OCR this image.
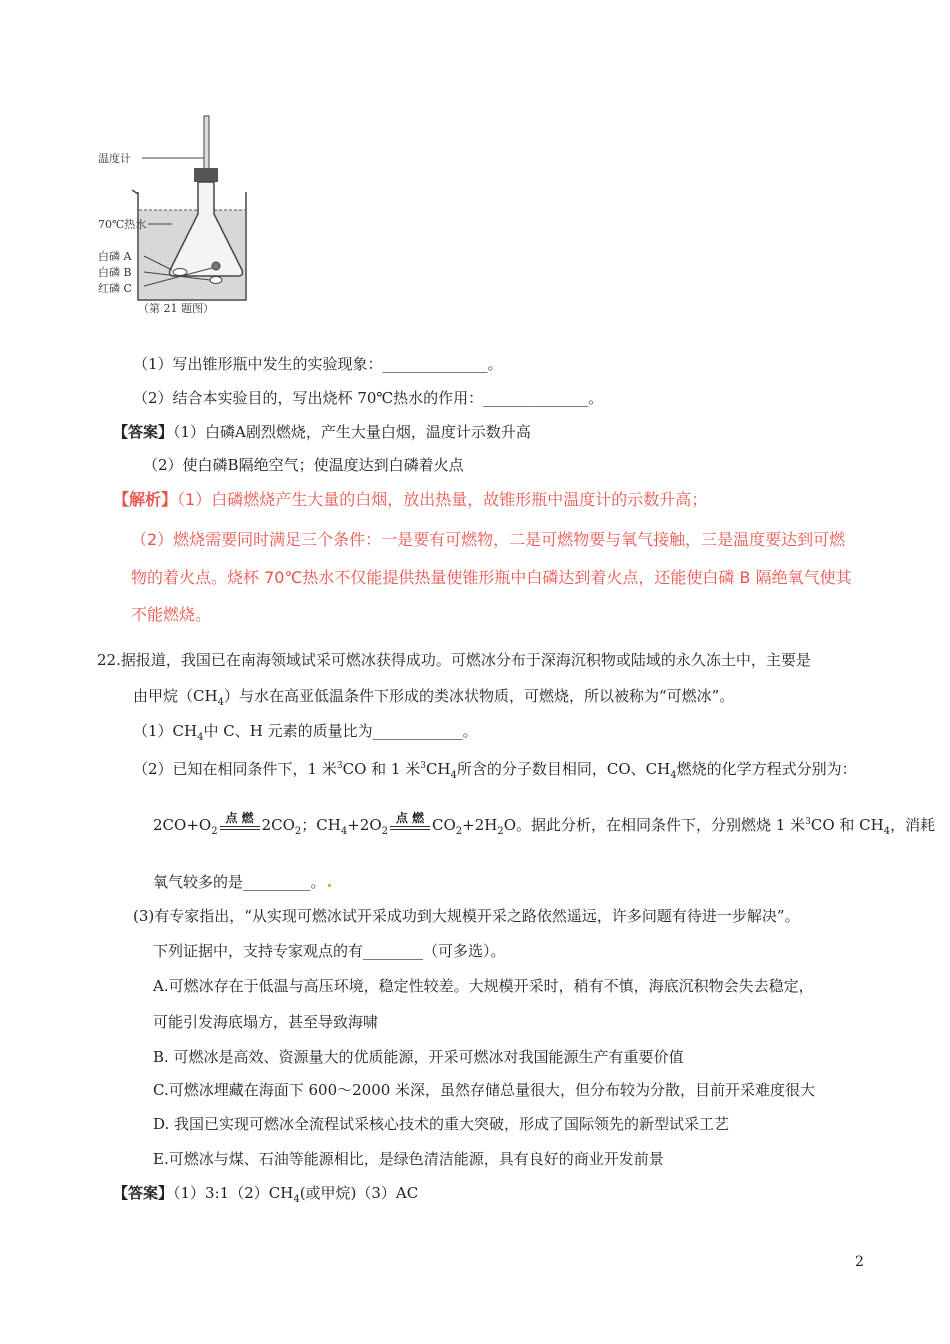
温度计
70℃热水
白磷 A
白磷 B
红磷 C
（第 21 题图）
（1）写出锥形瓶中发生的实验现象：______________。
（2）结合本实验目的，写出烧杯 70℃热水的作用：______________。
【答案】（1）白磷A剧烈燃烧，产生大量白烟，温度计示数升高
（2）使白磷B隔绝空气；使温度达到白磷着火点
【解析】（1）白磷燃烧产生大量的白烟，放出热量，故锥形瓶中温度计的示数升高；
（2）燃烧需要同时满足三个条件：一是要有可燃物，二是可燃物要与氧气接触，三是温度要达到可燃
物的着火点。烧杯 70℃热水不仅能提供热量使锥形瓶中白磷达到着火点，还能使白磷 B 隔绝氧气使其
不能燃烧。
22.据报道，我国已在南海领域试采可燃冰获得成功。可燃冰分布于深海沉积物或陆域的永久冻土中，主要是
由甲烷$(CH_4)$与水在高亚低温条件下形成的类冰状物质，可燃烧，所以被称为“可燃冰”。
$(1)CH_4$中 C、H 元素的质量比为____________。
（2）已知在相同条件下，1 米$^3$CO 和 1 米$^3CH_4$所含的分子数目相同，CO、$CH_4$燃烧的化学方程式分别为：
$2CO+O_2$
点 燃 $2CO_2$；$CH_4+2O_2$
点 燃 $CO_2+2H_2O$。据此分析，在相同条件下，分别燃烧 1 米$^3$CO 和 $CH_4$，消耗
氧气较多的是_________。
(3)有专家指出，“从实现可燃冰试开采成功到大规模开采之路依然遥远，许多问题有待进一步解决”。
下列证据中，支持专家观点的有________（可多选）。
A.可燃冰存在于低温与高压环境，稳定性较差。大规模开采时，稍有不慎，海底沉积物会失去稳定，
可能引发海底塌方，甚至导致海啸
B. 可燃冰是高效、资源量大的优质能源，开采可燃冰对我国能源生产有重要价值
C.可燃冰埋藏在海面下 600～2000 米深，虽然存储总量很大，但分布较为分散，目前开采难度很大
D. 我国已实现可燃冰全流程试采核心技术的重大突破，形成了国际领先的新型试采工艺
E.可燃冰与煤、石油等能源相比，是绿色清洁能源，具有良好的商业开发前景
【答案】$(1)3:1(2)CH_4$(或甲烷)（3）AC
2
